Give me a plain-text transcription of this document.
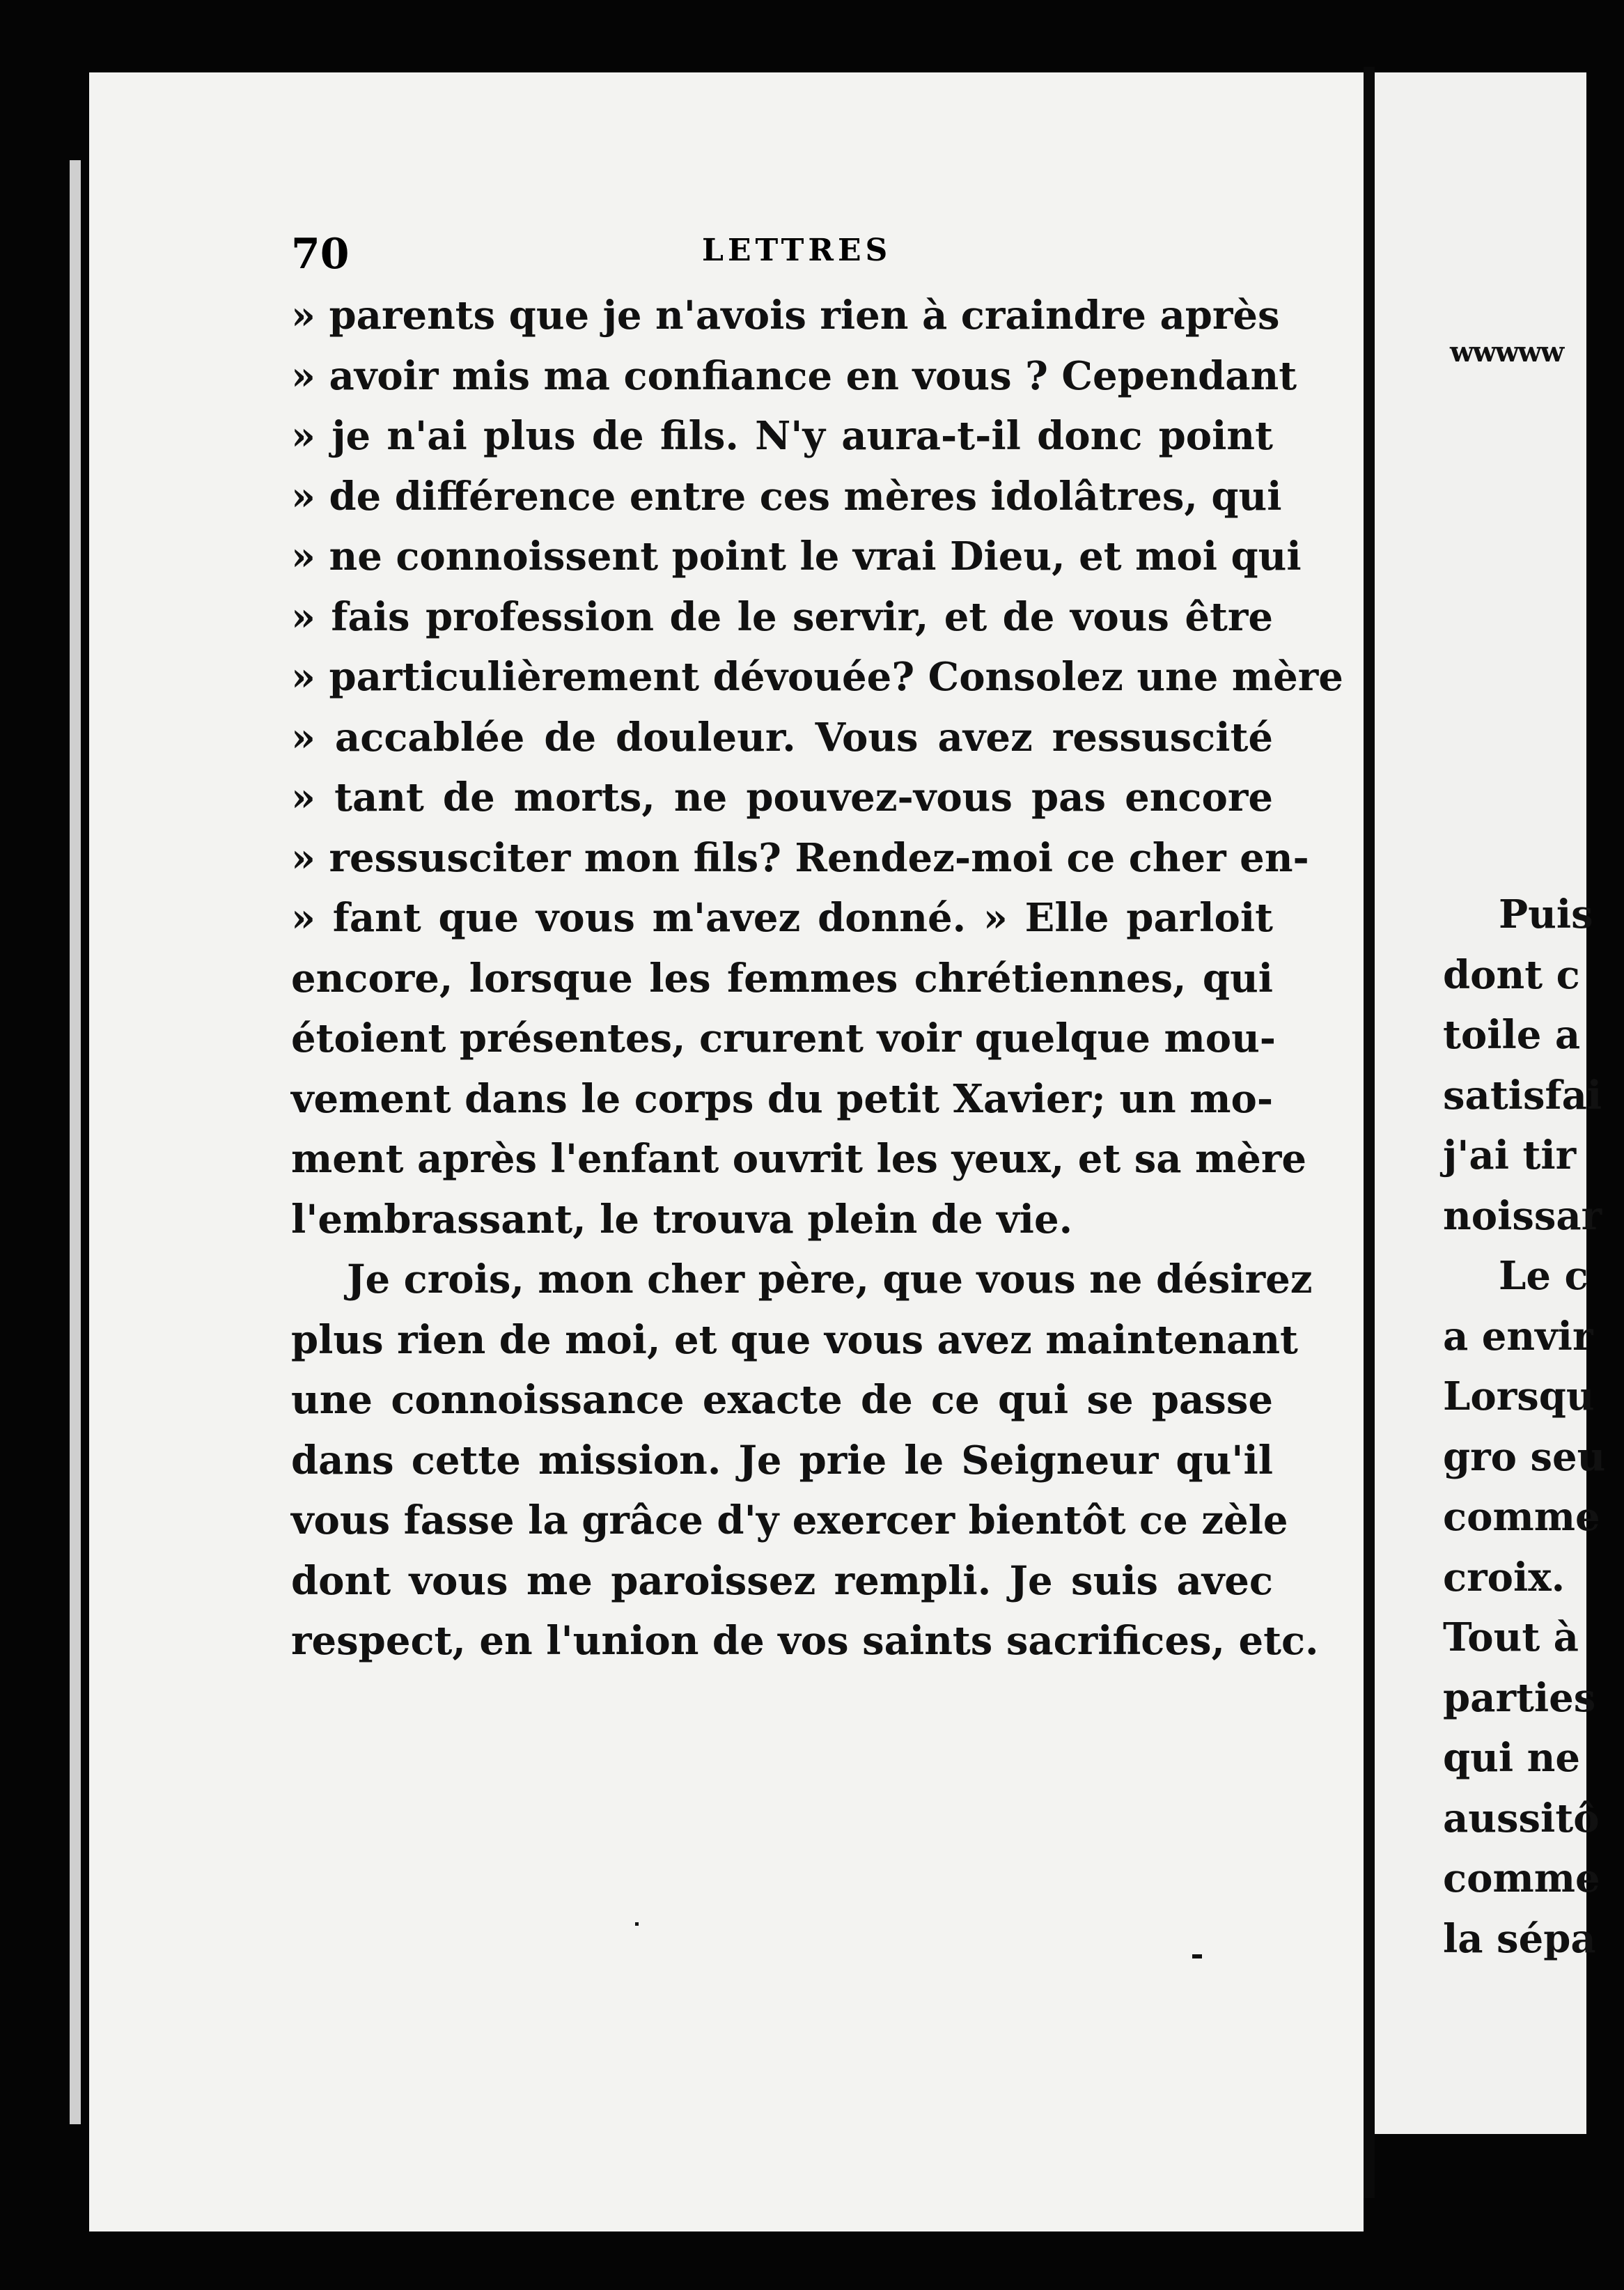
70	LETTRES
» parents que je n'avois rien à craindre après
» avoir mis ma confiance en vous ? Cependant
» je n'ai plus de fils. N'y aura-t-il donc point
» de différence entre ces mères idolâtres, qui
» ne connoissent point le vrai Dieu, et moi qui
» fais profession de le servir, et de vous être
» particulièrement dévouée? Consolez une mère
» accablée de douleur. Vous avez ressuscité
» tant de morts, ne pouvez-vous pas encore
» ressusciter mon fils? Rendez-moi ce cher en-
» fant que vous m'avez donné. » Elle parloit
encore, lorsque les femmes chrétiennes, qui
étoient présentes, crurent voir quelque mou-
vement dans le corps du petit Xavier; un mo-
ment après l'enfant ouvrit les yeux, et sa mère
l'embrassant, le trouva plein de vie.
Je crois, mon cher père, que vous ne désirez
plus rien de moi, et que vous avez maintenant
une connoissance exacte de ce qui se passe
dans cette mission. Je prie le Seigneur qu'il
vous fasse la grâce d'y exercer bientôt ce zèle
dont vous me paroissez rempli. Je suis avec
respect, en l'union de vos saints sacrifices, etc.
wwwww
Puis
dont c
toile a
satisfai
j'ai tir
noissar
Le c
a envir
Lorsqu
gro seu
comme
croix.
Tout à
parties
qui ne
aussitô
comme
la sépa
